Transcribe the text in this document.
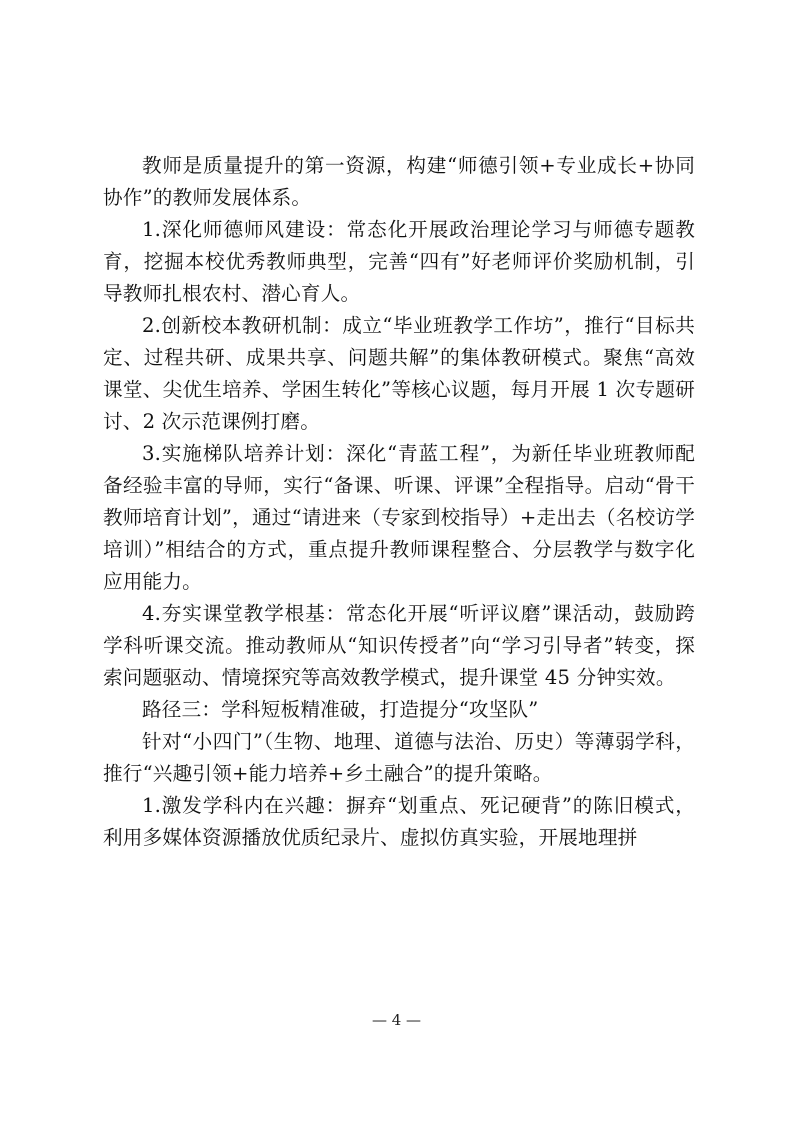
教师是质量提升的第一资源，构建“师德引领+专业成长+协同协作”的教师发展体系。

1.深化师德师风建设：常态化开展政治理论学习与师德专题教育，挖掘本校优秀教师典型，完善“四有”好老师评价奖励机制，引导教师扎根农村、潜心育人。

2.创新校本教研机制：成立“毕业班教学工作坊”，推行“目标共定、过程共研、成果共享、问题共解”的集体教研模式。聚焦“高效课堂、尖优生培养、学困生转化”等核心议题，每月开展 1 次专题研讨、2 次示范课例打磨。

3.实施梯队培养计划：深化“青蓝工程”，为新任毕业班教师配备经验丰富的导师，实行“备课、听课、评课”全程指导。启动“骨干教师培育计划”，通过“请进来（专家到校指导）+走出去（名校访学培训）”相结合的方式，重点提升教师课程整合、分层教学与数字化应用能力。

4.夯实课堂教学根基：常态化开展“听评议磨”课活动，鼓励跨学科听课交流。推动教师从“知识传授者”向“学习引导者”转变，探索问题驱动、情境探究等高效教学模式，提升课堂 45 分钟实效。

路径三：学科短板精准破，打造提分“攻坚队”

针对“小四门”（生物、地理、道德与法治、历史）等薄弱学科，推行“兴趣引领+能力培养+乡土融合”的提升策略。

1.激发学科内在兴趣：摒弃“划重点、死记硬背”的陈旧模式，利用多媒体资源播放优质纪录片、虚拟仿真实验，开展地理拼

— 4 —
